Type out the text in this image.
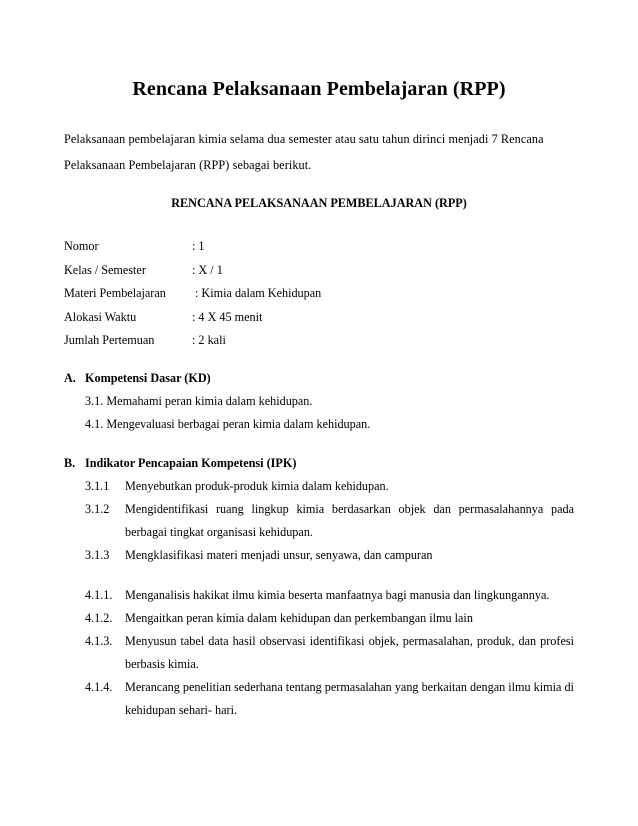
Rencana Pelaksanaan Pembelajaran (RPP)
Pelaksanaan pembelajaran kimia selama dua semester atau satu tahun dirinci menjadi 7 Rencana Pelaksanaan Pembelajaran (RPP) sebagai berikut.
RENCANA PELAKSANAAN PEMBELAJARAN (RPP)
Nomor	: 1
Kelas / Semester	: X / 1
Materi Pembelajaran : Kimia dalam Kehidupan
Alokasi Waktu	: 4 X 45 menit
Jumlah Pertemuan	: 2 kali
A. Kompetensi Dasar (KD)
3.1. Memahami peran kimia dalam kehidupan.
4.1. Mengevaluasi berbagai peran kimia dalam kehidupan.
B. Indikator Pencapaian Kompetensi (IPK)
3.1.1 Menyebutkan produk-produk kimia dalam kehidupan.
3.1.2 Mengidentifikasi ruang lingkup kimia berdasarkan objek dan permasalahannya pada berbagai tingkat organisasi kehidupan.
3.1.3 Mengklasifikasi materi menjadi unsur, senyawa, dan campuran
4.1.1. Menganalisis hakikat ilmu kimia beserta manfaatnya bagi manusia dan lingkungannya.
4.1.2. Mengaitkan peran kimia dalam kehidupan dan perkembangan ilmu lain
4.1.3. Menyusun tabel data hasil observasi identifikasi objek, permasalahan, produk, dan profesi berbasis kimia.
4.1.4. Merancang penelitian sederhana tentang permasalahan yang berkaitan dengan ilmu kimia di kehidupan sehari- hari.
